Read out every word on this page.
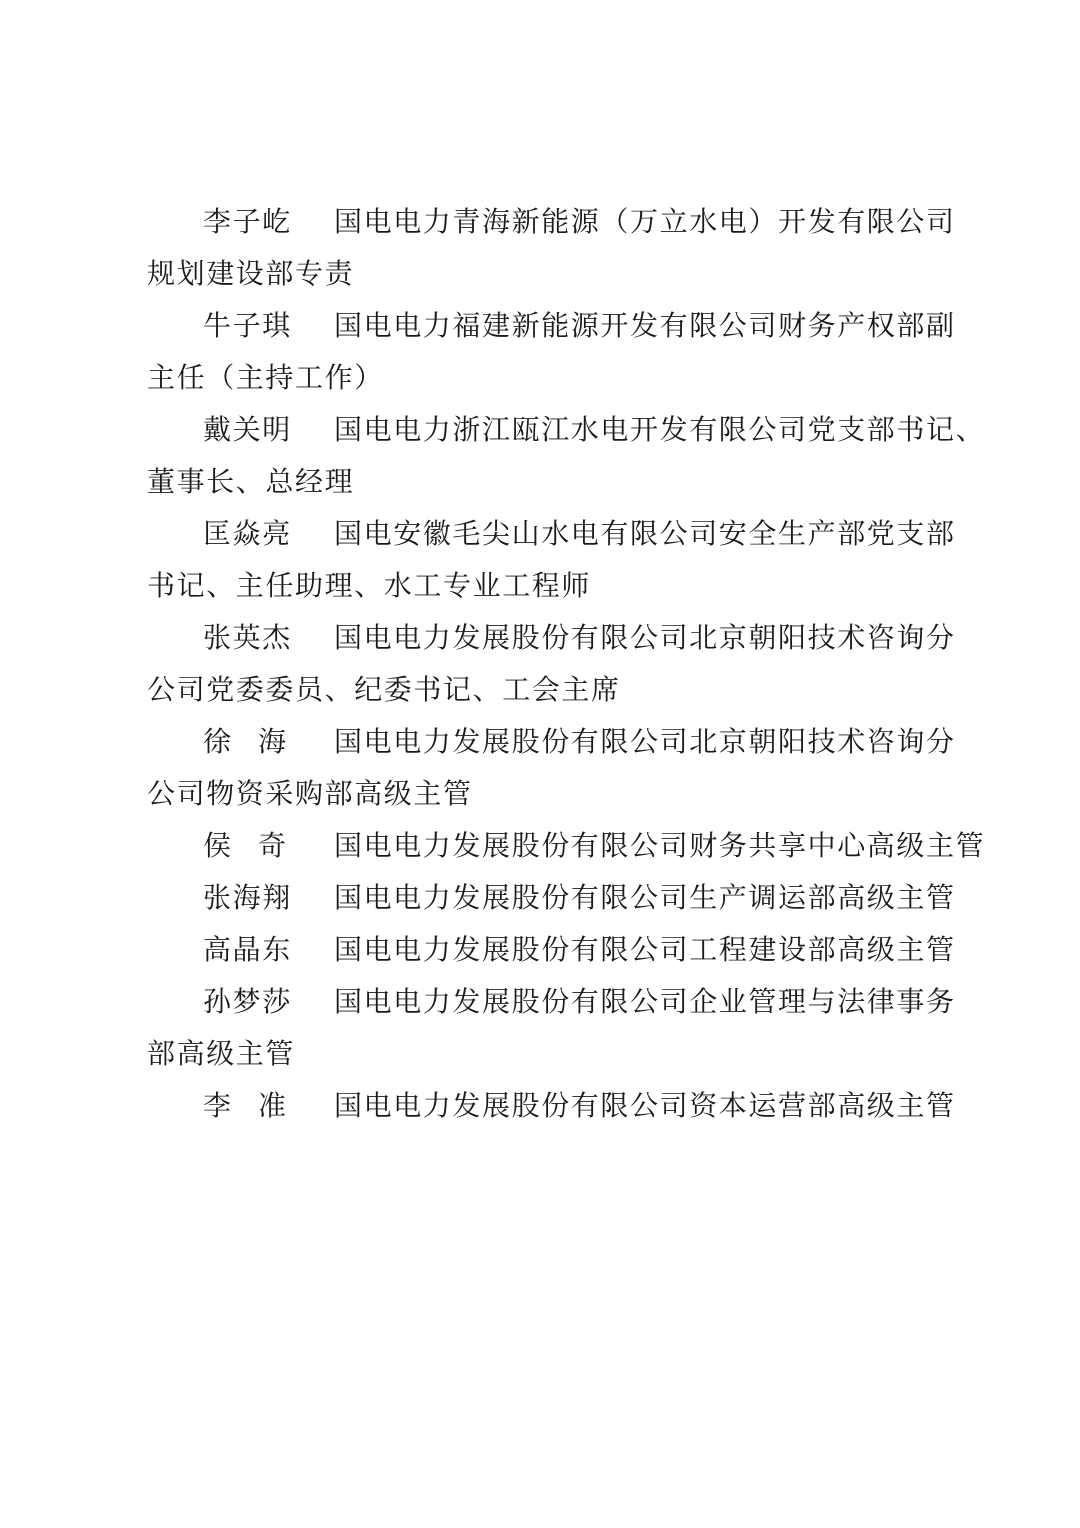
李子屹 国电电力青海新能源（万立水电）开发有限公司
规划建设部专责
牛子琪 国电电力福建新能源开发有限公司财务产权部副
主任（主持工作）
戴关明 国电电力浙江瓯江水电开发有限公司党支部书记、
董事长、总经理
匡焱亮 国电安徽毛尖山水电有限公司安全生产部党支部
书记、主任助理、水工专业工程师
张英杰 国电电力发展股份有限公司北京朝阳技术咨询分
公司党委委员、纪委书记、工会主席
徐海 国电电力发展股份有限公司北京朝阳技术咨询分
公司物资采购部高级主管
侯奇 国电电力发展股份有限公司财务共享中心高级主管
张海翔 国电电力发展股份有限公司生产调运部高级主管
高晶东 国电电力发展股份有限公司工程建设部高级主管
孙梦莎 国电电力发展股份有限公司企业管理与法律事务
部高级主管
李准 国电电力发展股份有限公司资本运营部高级主管
